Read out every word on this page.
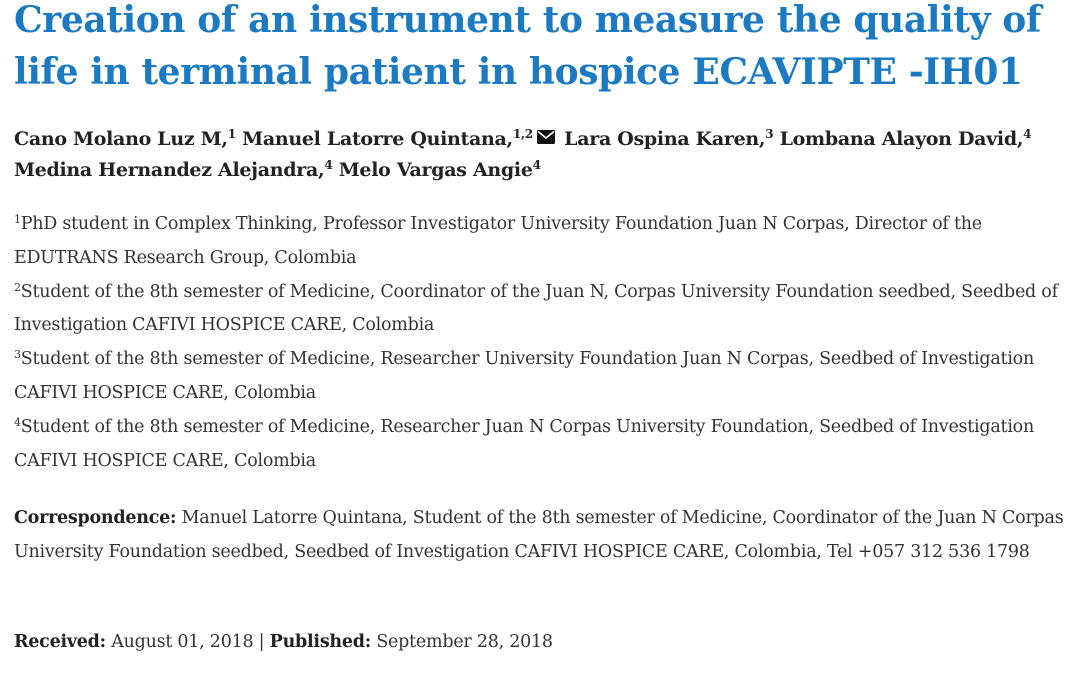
Creation of an instrument to measure the quality of life in terminal patient in hospice ECAVIPTE -IH01

Cano Molano Luz M,$^1$ Manuel Latorre Quintana,$^{1,2}$ Lara Ospina Karen,$^3$ Lombana Alayon David,$^4$ Medina Hernandez Alejandra,$^4$ Melo Vargas Angie$^4$

$^1$PhD student in Complex Thinking, Professor Investigator University Foundation Juan N Corpas, Director of the EDUTRANS Research Group, Colombia

$^2$Student of the 8th semester of Medicine, Coordinator of the Juan N, Corpas University Foundation seedbed, Seedbed of Investigation CAFIVI HOSPICE CARE, Colombia

$^3$Student of the 8th semester of Medicine, Researcher University Foundation Juan N Corpas, Seedbed of Investigation CAFIVI HOSPICE CARE, Colombia

$^4$Student of the 8th semester of Medicine, Researcher Juan N Corpas University Foundation, Seedbed of Investigation CAFIVI HOSPICE CARE, Colombia

Correspondence: Manuel Latorre Quintana, Student of the 8th semester of Medicine, Coordinator of the Juan N Corpas University Foundation seedbed, Seedbed of Investigation CAFIVI HOSPICE CARE, Colombia, Tel +057 312 536 1798

Received: August 01, 2018 | Published: September 28, 2018
